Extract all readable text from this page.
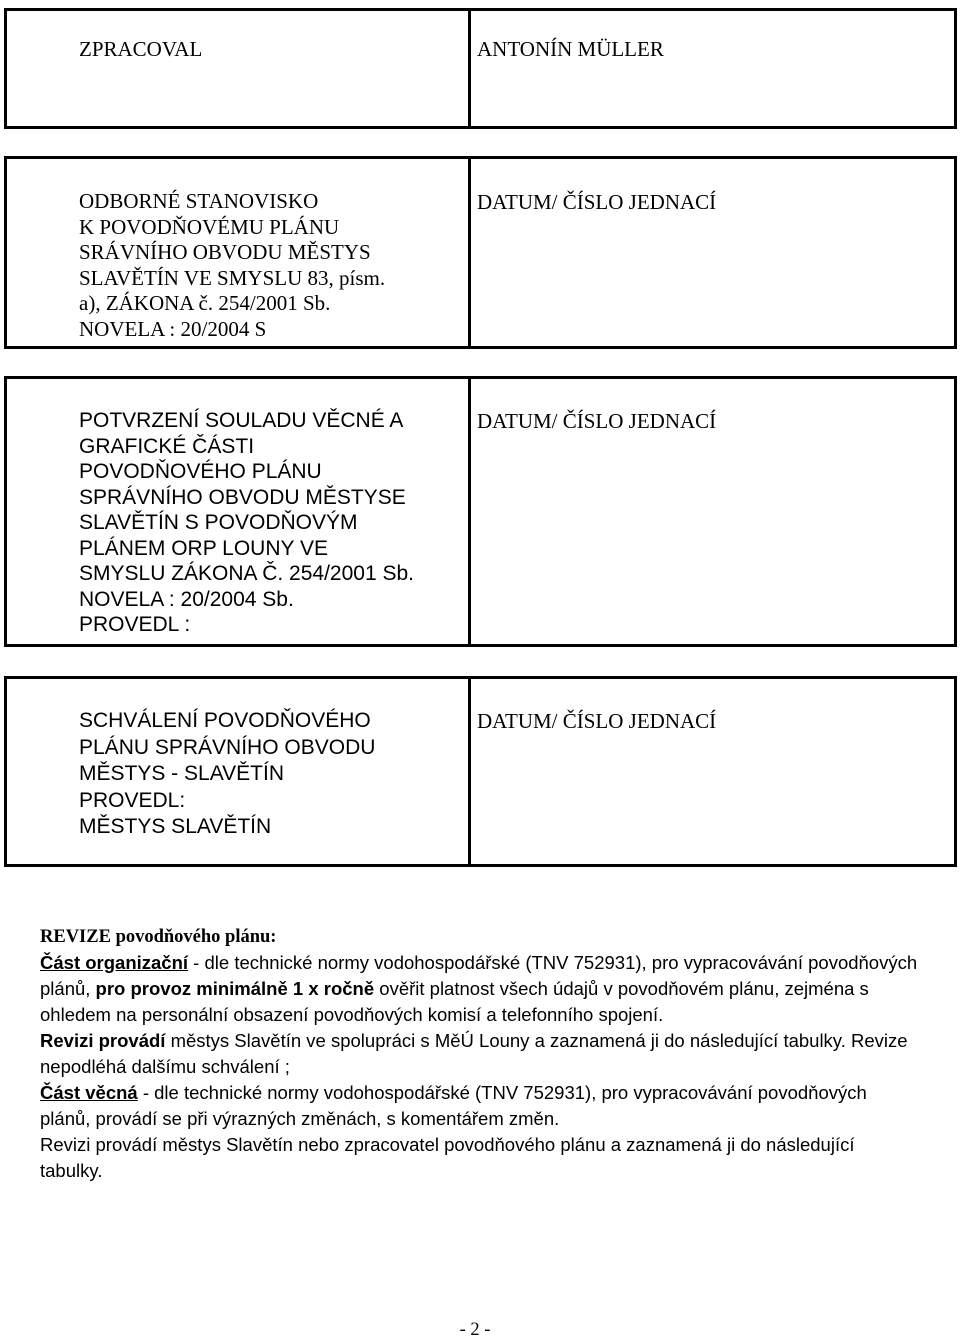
ZPRACOVAL	ANTONÍN MÜLLER
ODBORNÉ STANOVISKO
K POVODŇOVÉMU PLÁNU
SRÁVNÍHO OBVODU MĚSTYS
SLAVĚTÍN VE SMYSLU 83, písm.
a), ZÁKONA č. 254/2001 Sb.
NOVELA : 20/2004 S
DATUM/ ČÍSLO JEDNACÍ
POTVRZENÍ SOULADU VĚCNÉ A
GRAFICKÉ ČÁSTI
POVODŇOVÉHO PLÁNU
SPRÁVNÍHO OBVODU MĚSTYSE
SLAVĚTÍN S POVODŇOVÝM
PLÁNEM ORP LOUNY VE
SMYSLU ZÁKONA Č. 254/2001 Sb.
NOVELA : 20/2004 Sb.
PROVEDL :
DATUM/ ČÍSLO JEDNACÍ
SCHVÁLENÍ POVODŇOVÉHO
PLÁNU SPRÁVNÍHO OBVODU
MĚSTYS - SLAVĚTÍN
PROVEDL:
MĚSTYS SLAVĚTÍN
DATUM/ ČÍSLO JEDNACÍ

REVIZE povodňového plánu:

Část organizační - dle technické normy vodohospodářské (TNV 752931), pro vypracovávání povodňových plánů, pro provoz minimálně 1 x ročně ověřit platnost všech údajů v povodňovém plánu, zejména s ohledem na personální obsazení povodňových komisí a telefonního spojení.

Revizi provádí městys Slavětín ve spolupráci s MěÚ Louny a zaznamená ji do následující tabulky. Revize nepodléhá dalšímu schválení ;

Část věcná - dle technické normy vodohospodářské (TNV 752931), pro vypracovávání povodňových plánů, provádí se při výrazných změnách, s komentářem změn.

Revizi provádí městys Slavětín nebo zpracovatel povodňového plánu a zaznamená ji do následující tabulky.

- 2 -
